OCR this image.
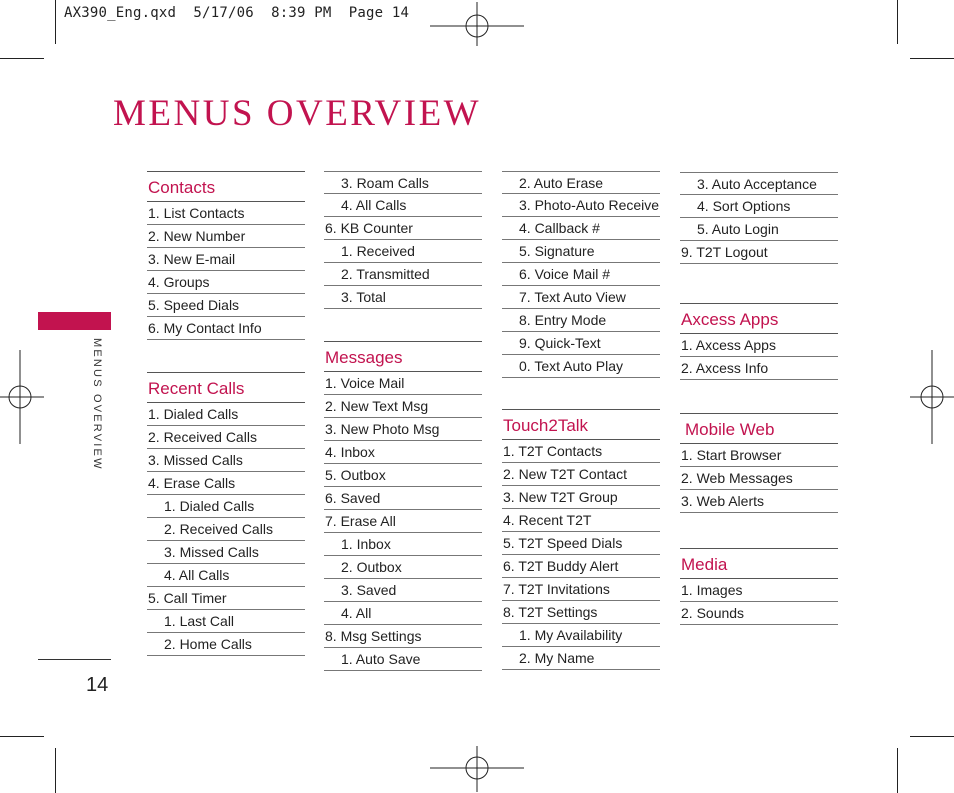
AX390_Eng.qxd  5/17/06  8:39 PM  Page 14
MENUS OVERVIEW
MENUS OVERVIEW
14
Contacts
1. List Contacts
2. New Number
3. New E-mail
4. Groups
5. Speed Dials
6. My Contact Info
Recent Calls
1. Dialed Calls
2. Received Calls
3. Missed Calls
4. Erase Calls
1. Dialed Calls
2. Received Calls
3. Missed Calls
4. All Calls
5. Call Timer
1. Last Call
2. Home Calls
3. Roam Calls
4. All Calls
6. KB Counter
1. Received
2. Transmitted
3. Total
Messages
1. Voice Mail
2. New Text Msg
3. New Photo Msg
4. Inbox
5. Outbox
6. Saved
7. Erase All
1. Inbox
2. Outbox
3. Saved
4. All
8. Msg Settings
1. Auto Save
2. Auto Erase
3. Photo-Auto Receive
4. Callback #
5. Signature
6. Voice Mail #
7. Text Auto View
8. Entry Mode
9. Quick-Text
0. Text Auto Play
Touch2Talk
1. T2T Contacts
2. New T2T Contact
3. New T2T Group
4. Recent T2T
5. T2T Speed Dials
6. T2T Buddy Alert
7. T2T Invitations
8. T2T Settings
1. My Availability
2. My Name
3. Auto Acceptance
4. Sort Options
5. Auto Login
9. T2T Logout
Axcess Apps
1. Axcess Apps
2. Axcess Info
Mobile Web
1. Start Browser
2. Web Messages
3. Web Alerts
Media
1. Images
2. Sounds
